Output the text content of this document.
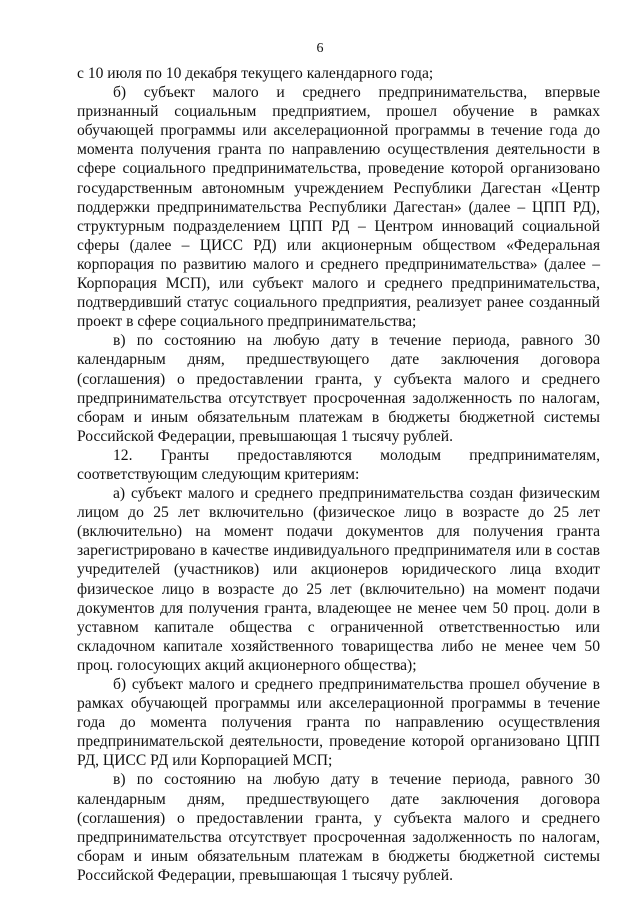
6

с 10 июля по 10 декабря текущего календарного года;

б) субъект малого и среднего предпринимательства, впервые признанный социальным предприятием, прошел обучение в рамках обучающей программы или акселерационной программы в течение года до момента получения гранта по направлению осуществления деятельности в сфере социального предпринимательства, проведение которой организовано государственным автономным учреждением Республики Дагестан «Центр поддержки предпринимательства Республики Дагестан» (далее – ЦПП РД), структурным подразделением ЦПП РД – Центром инноваций социальной сферы (далее – ЦИСС РД) или акционерным обществом «Федеральная корпорация по развитию малого и среднего предпринимательства» (далее – Корпорация МСП), или субъект малого и среднего предпринимательства, подтвердивший статус социального предприятия, реализует ранее созданный проект в сфере социального предпринимательства;

в) по состоянию на любую дату в течение периода, равного 30 календарным дням, предшествующего дате заключения договора (соглашения) о предоставлении гранта, у субъекта малого и среднего предпринимательства отсутствует просроченная задолженность по налогам, сборам и иным обязательным платежам в бюджеты бюджетной системы Российской Федерации, превышающая 1 тысячу рублей.

12. Гранты предоставляются молодым предпринимателям, соответствующим следующим критериям:

а) субъект малого и среднего предпринимательства создан физическим лицом до 25 лет включительно (физическое лицо в возрасте до 25 лет (включительно) на момент подачи документов для получения гранта зарегистрировано в качестве индивидуального предпринимателя или в состав учредителей (участников) или акционеров юридического лица входит физическое лицо в возрасте до 25 лет (включительно) на момент подачи документов для получения гранта, владеющее не менее чем 50 проц. доли в уставном капитале общества с ограниченной ответственностью или складочном капитале хозяйственного товарищества либо не менее чем 50 проц. голосующих акций акционерного общества);

б) субъект малого и среднего предпринимательства прошел обучение в рамках обучающей программы или акселерационной программы в течение года до момента получения гранта по направлению осуществления предпринимательской деятельности, проведение которой организовано ЦПП РД, ЦИСС РД или Корпорацией МСП;

в) по состоянию на любую дату в течение периода, равного 30 календарным дням, предшествующего дате заключения договора (соглашения) о предоставлении гранта, у субъекта малого и среднего предпринимательства отсутствует просроченная задолженность по налогам, сборам и иным обязательным платежам в бюджеты бюджетной системы Российской Федерации, превышающая 1 тысячу рублей.
